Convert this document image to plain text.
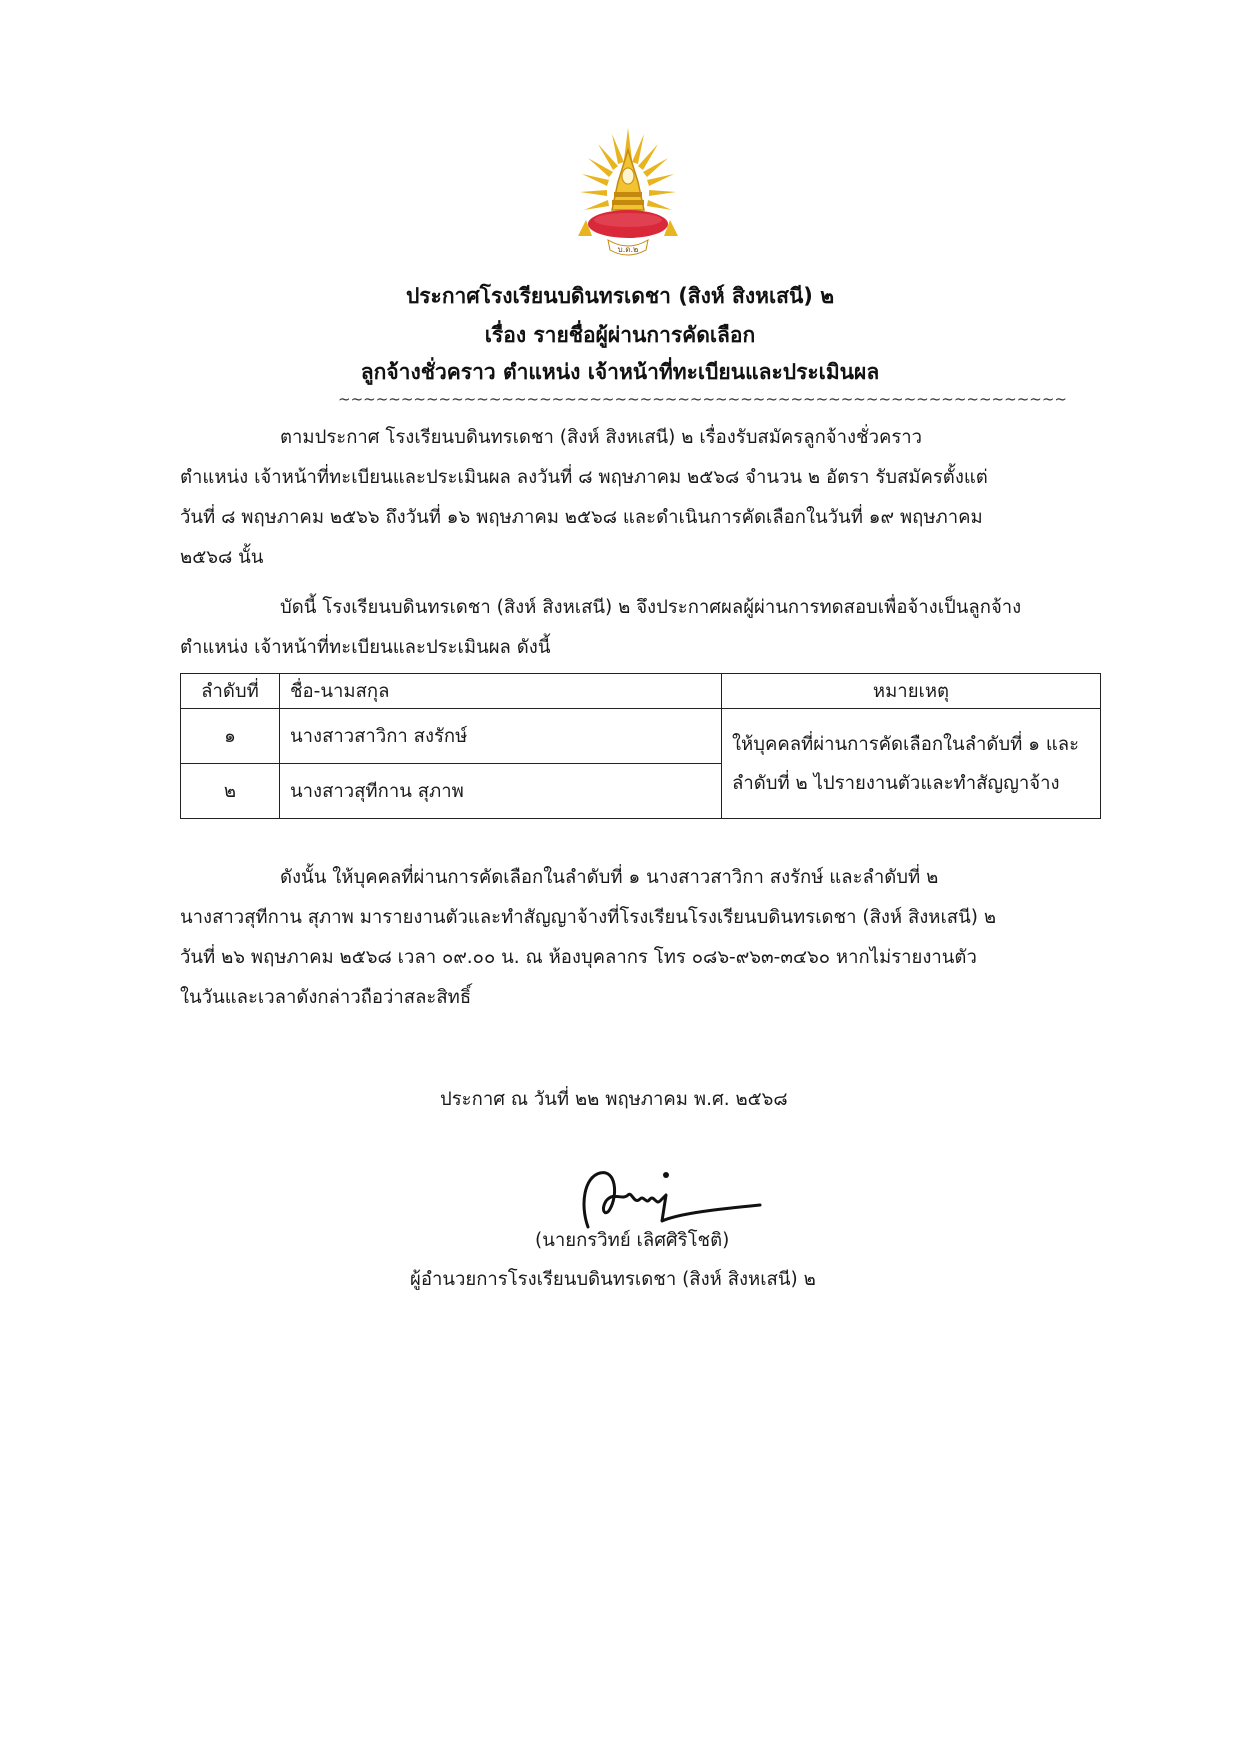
บ.ด.๒
ประกาศโรงเรียนบดินทรเดชา (สิงห์ สิงหเสนี) ๒
เรื่อง รายชื่อผู้ผ่านการคัดเลือก
ลูกจ้างชั่วคราว ตำแหน่ง เจ้าหน้าที่ทะเบียนและประเมินผล
~~~~~~~~~~~~~~~~~~~~~~~~~~~~~~~~~~~~~~~~~~~~~~~~~~~~~~~~~~
ตามประกาศ โรงเรียนบดินทรเดชา (สิงห์ สิงหเสนี) ๒ เรื่องรับสมัครลูกจ้างชั่วคราว
ตำแหน่ง เจ้าหน้าที่ทะเบียนและประเมินผล ลงวันที่ ๘ พฤษภาคม ๒๕๖๘ จำนวน ๒ อัตรา รับสมัครตั้งแต่
วันที่ ๘ พฤษภาคม ๒๕๖๖ ถึงวันที่ ๑๖ พฤษภาคม ๒๕๖๘ และดำเนินการคัดเลือกในวันที่ ๑๙ พฤษภาคม
๒๕๖๘ นั้น
บัดนี้ โรงเรียนบดินทรเดชา (สิงห์ สิงหเสนี) ๒ จึงประกาศผลผู้ผ่านการทดสอบเพื่อจ้างเป็นลูกจ้าง
ตำแหน่ง เจ้าหน้าที่ทะเบียนและประเมินผล ดังนี้
ลำดับที่	ชื่อ-นามสกุล	หมายเหตุ
๑	นางสาวสาวิกา สงรักษ์	ให้บุคคลที่ผ่านการคัดเลือกในลำดับที่ ๑ และลำดับที่ ๒ ไปรายงานตัวและทำสัญญาจ้าง
๒	นางสาวสุทีกาน สุภาพ	
ดังนั้น ให้บุคคลที่ผ่านการคัดเลือกในลำดับที่ ๑ นางสาวสาวิกา สงรักษ์ และลำดับที่ ๒
นางสาวสุทีกาน สุภาพ มารายงานตัวและทำสัญญาจ้างที่โรงเรียนโรงเรียนบดินทรเดชา (สิงห์ สิงหเสนี) ๒
วันที่ ๒๖ พฤษภาคม ๒๕๖๘ เวลา ๐๙.๐๐ น. ณ ห้องบุคลากร โทร ๐๘๖-๙๖๓-๓๔๖๐ หากไม่รายงานตัว
ในวันและเวลาดังกล่าวถือว่าสละสิทธิ์
ประกาศ ณ วันที่ ๒๒ พฤษภาคม พ.ศ. ๒๕๖๘
(นายกรวิทย์ เลิศศิริโชติ)
ผู้อำนวยการโรงเรียนบดินทรเดชา (สิงห์ สิงหเสนี) ๒
